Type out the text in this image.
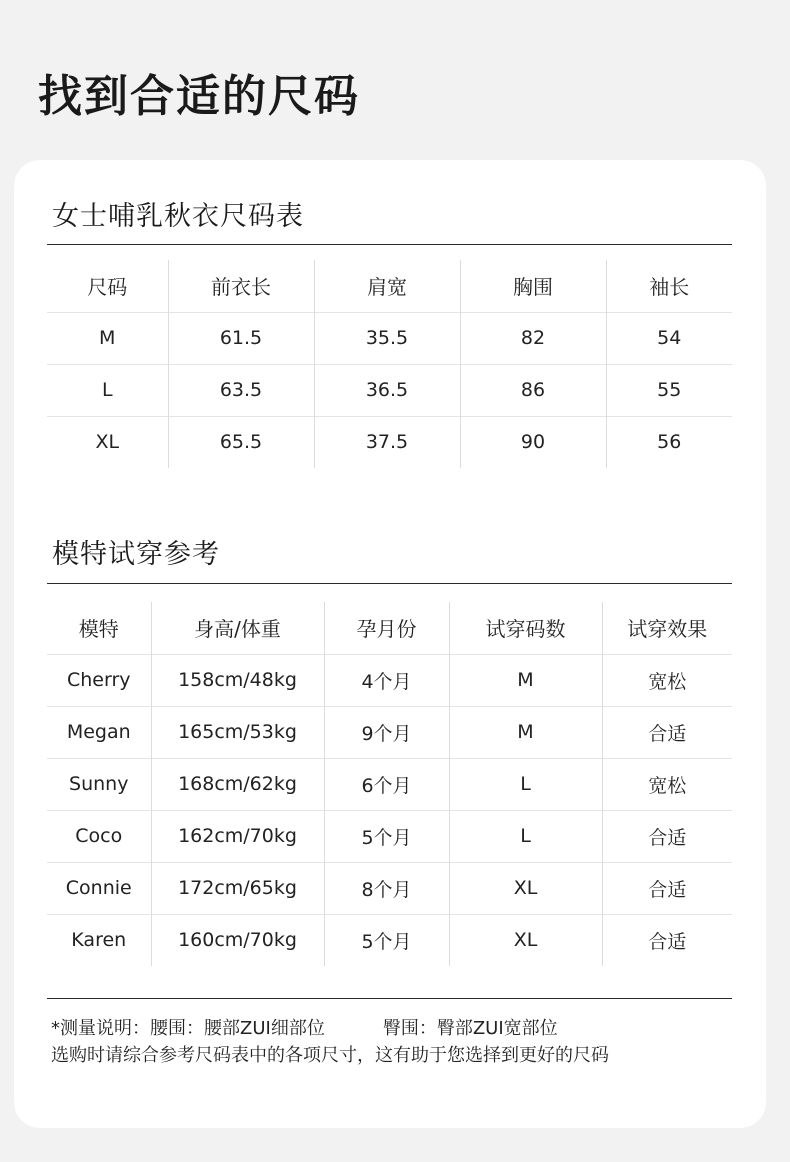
找到合适的尺码
女士哺乳秋衣尺码表
尺码	前衣长	肩宽	胸围	袖长
M	61.5	35.5	82	54
L	63.5	36.5	86	55
XL	65.5	37.5	90	56
模特试穿参考
模特	身高/体重	孕月份	试穿码数	试穿效果
Cherry	158cm/48kg	4个月	M	宽松
Megan	165cm/53kg	9个月	M	合适
Sunny	168cm/62kg	6个月	L	宽松
Coco	162cm/70kg	5个月	L	合适
Connie	172cm/65kg	8个月	XL	合适
Karen	160cm/70kg	5个月	XL	合适
*测量说明：腰围：腰部ZUI细部位	臀围：臀部ZUI宽部位
选购时请综合参考尺码表中的各项尺寸，这有助于您选择到更好的尺码
